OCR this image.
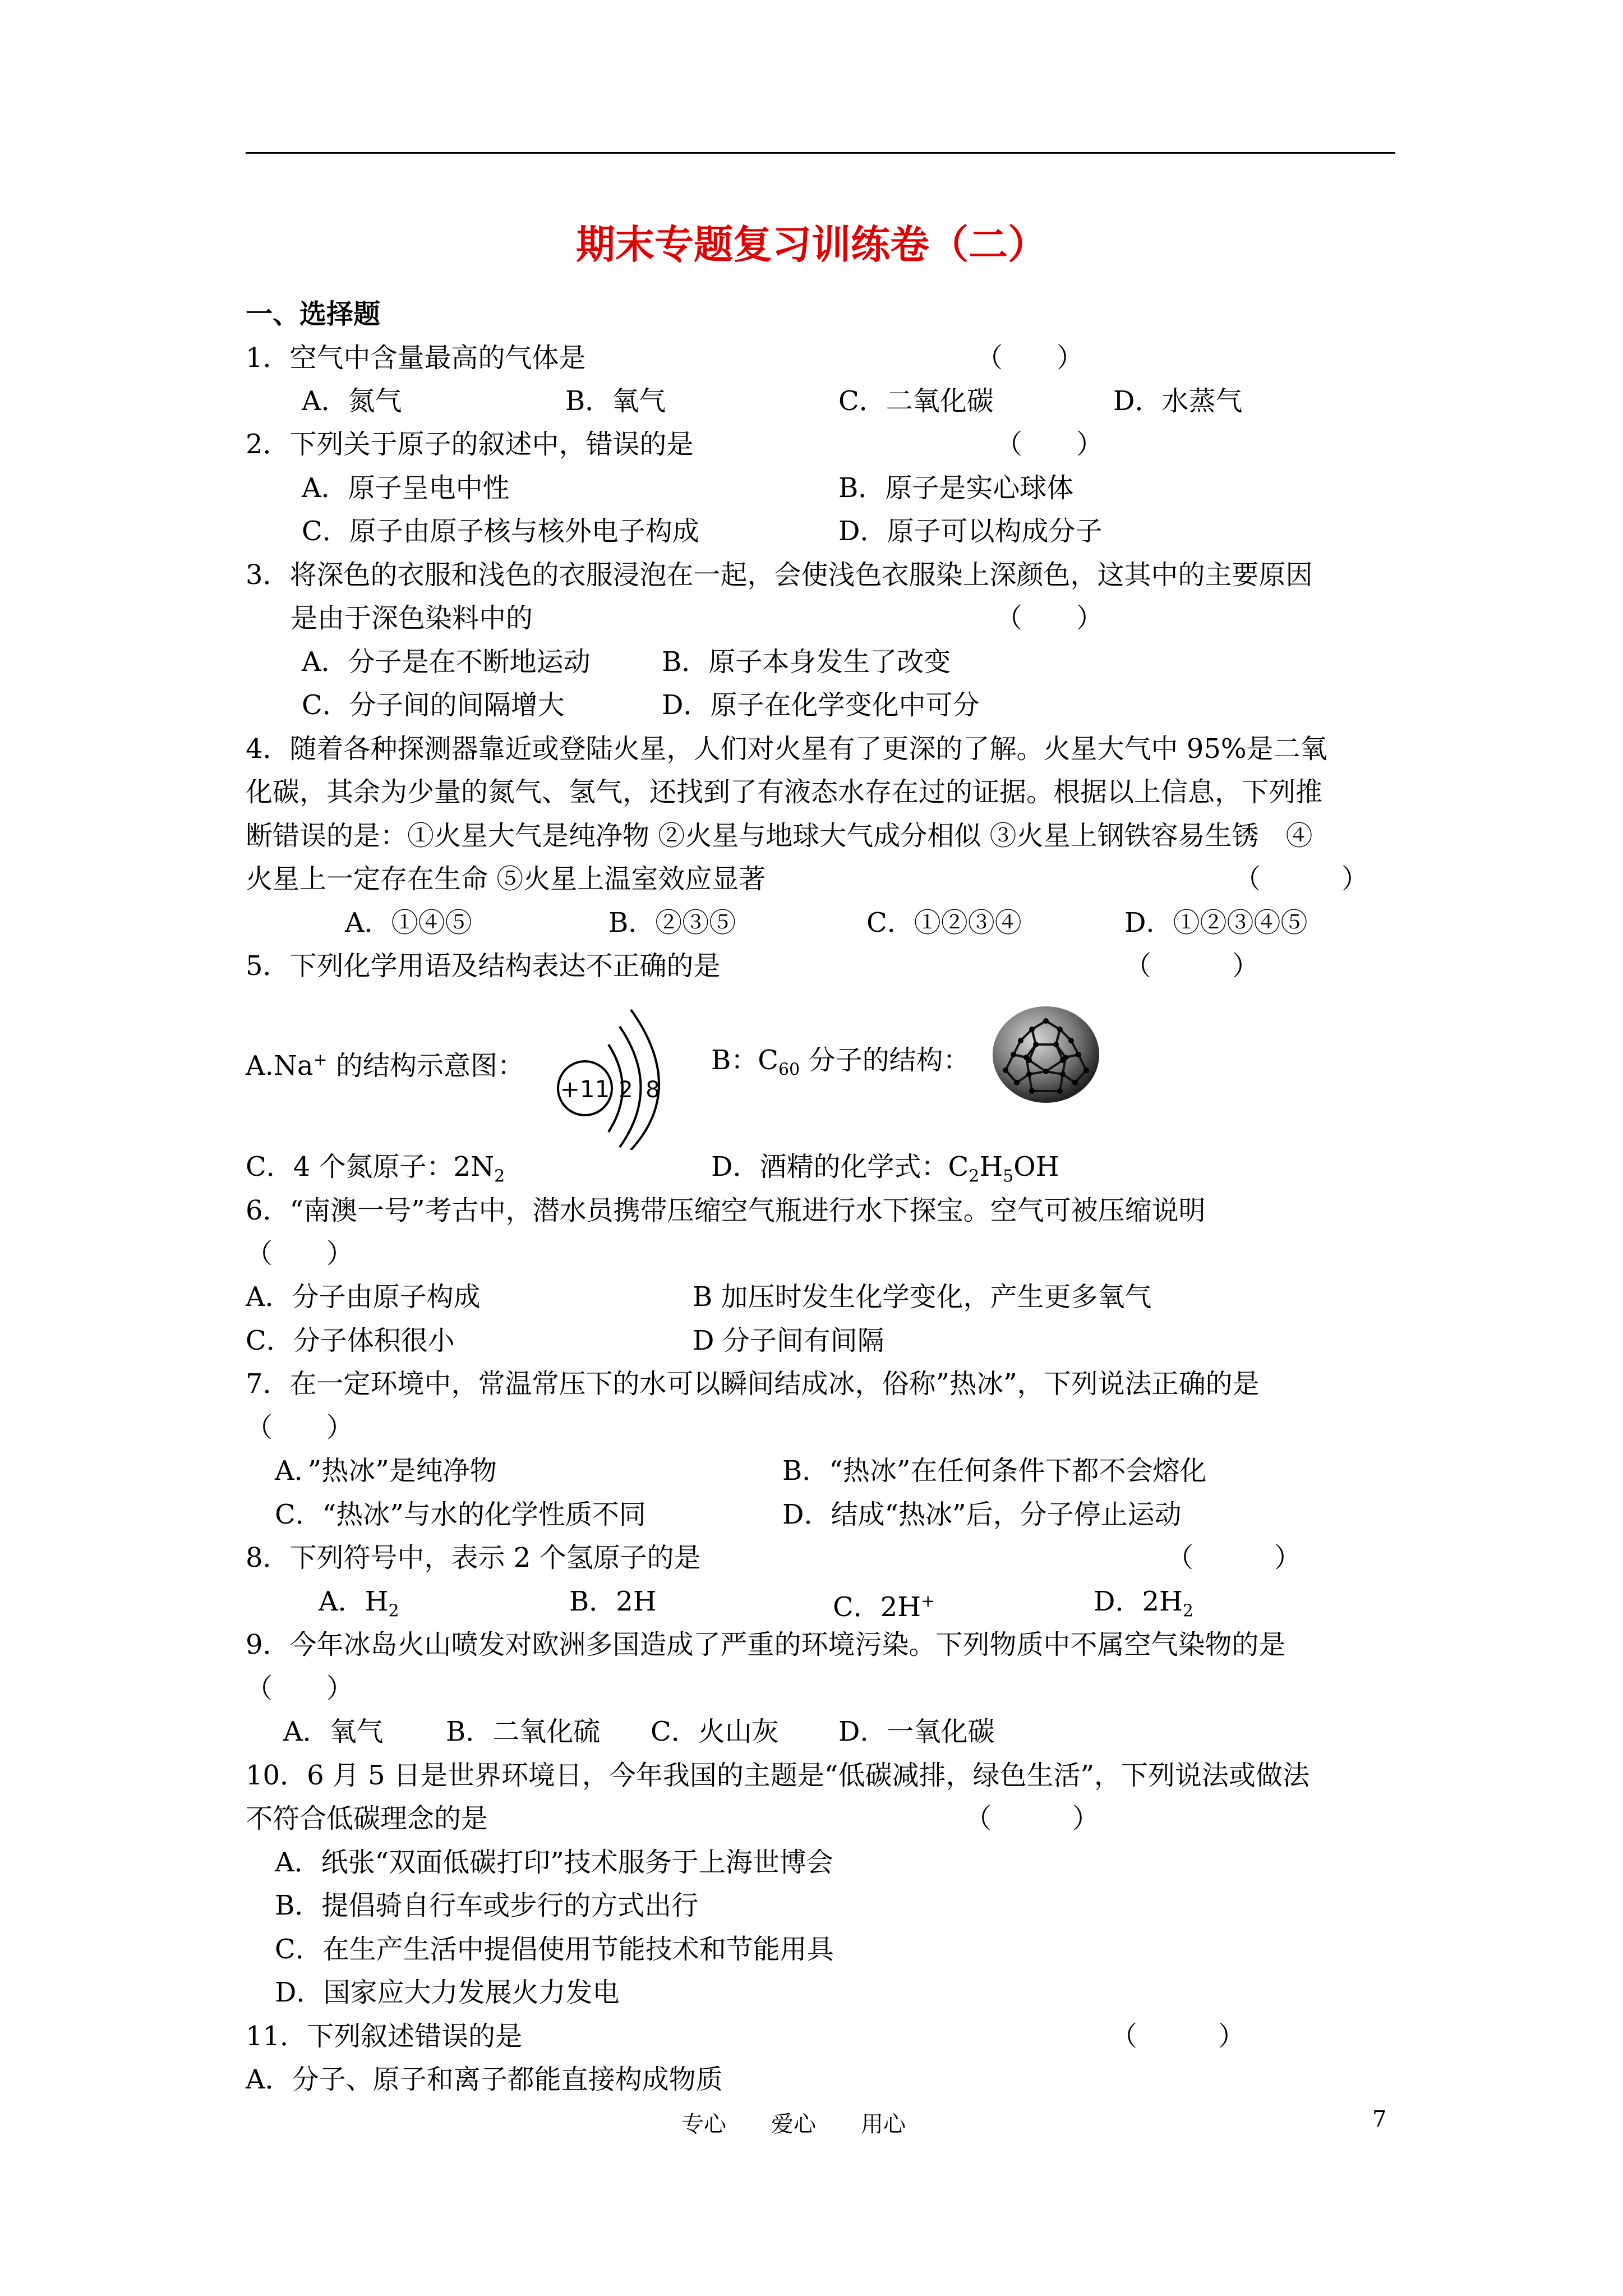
期末专题复习训练卷（二）
一、选择题
1．空气中含量最高的气体是	（　　）
A．氮气	B．氧气	C．二氧化碳	D．水蒸气
2．下列关于原子的叙述中，错误的是	（　　）
A．原子呈电中性	B．原子是实心球体
C．原子由原子核与核外电子构成	D．原子可以构成分子
3．将深色的衣服和浅色的衣服浸泡在一起，会使浅色衣服染上深颜色，这其中的主要原因
是由于深色染料中的	（　　）
A．分子是在不断地运动	B．原子本身发生了改变
C．分子间的间隔增大	D．原子在化学变化中可分
4．随着各种探测器靠近或登陆火星，人们对火星有了更深的了解。火星大气中 95%是二氧
化碳，其余为少量的氮气、氢气，还找到了有液态水存在过的证据。根据以上信息，下列推
断错误的是：①火星大气是纯净物 ②火星与地球大气成分相似 ③火星上钢铁容易生锈　④
火星上一定存在生命 ⑤火星上温室效应显著	（　　　）
A．①④⑤	B．②③⑤	C．①②③④	D．①②③④⑤
5．下列化学用语及结构表达不正确的是	（　　　）
A.Na+ 的结构示意图：
+11 2 8
B：$C_{60}$ 分子的结构：
C．4 个氮原子：$2N_2$	D．酒精的化学式：$C_2H_5OH$
6．“南澳一号”考古中，潜水员携带压缩空气瓶进行水下探宝。空气可被压缩说明
（　　）
A．分子由原子构成	B 加压时发生化学变化，产生更多氧气
C．分子体积很小	D 分子间有间隔
7．在一定环境中，常温常压下的水可以瞬间结成冰，俗称”热冰”，下列说法正确的是
（　　）
A．”热冰”是纯净物	B．“热冰”在任何条件下都不会熔化
C．“热冰”与水的化学性质不同	D．结成“热冰”后，分子停止运动
8．下列符号中，表示 2 个氢原子的是	（　　　）
A．$H_2$	B．2H	C．2H+	D．$2H_2$
9．今年冰岛火山喷发对欧洲多国造成了严重的环境污染。下列物质中不属空气染物的是
（　　）
A．氧气 B．二氧化硫 C．火山灰 D．一氧化碳
10．6 月 5 日是世界环境日，今年我国的主题是“低碳减排，绿色生活”，下列说法或做法
不符合低碳理念的是	（　　　）
A．纸张“双面低碳打印”技术服务于上海世博会
B．提倡骑自行车或步行的方式出行
C．在生产生活中提倡使用节能技术和节能用具
D．国家应大力发展火力发电
11．下列叙述错误的是	（　　　）
A．分子、原子和离子都能直接构成物质
专心　　爱心　　用心	7
